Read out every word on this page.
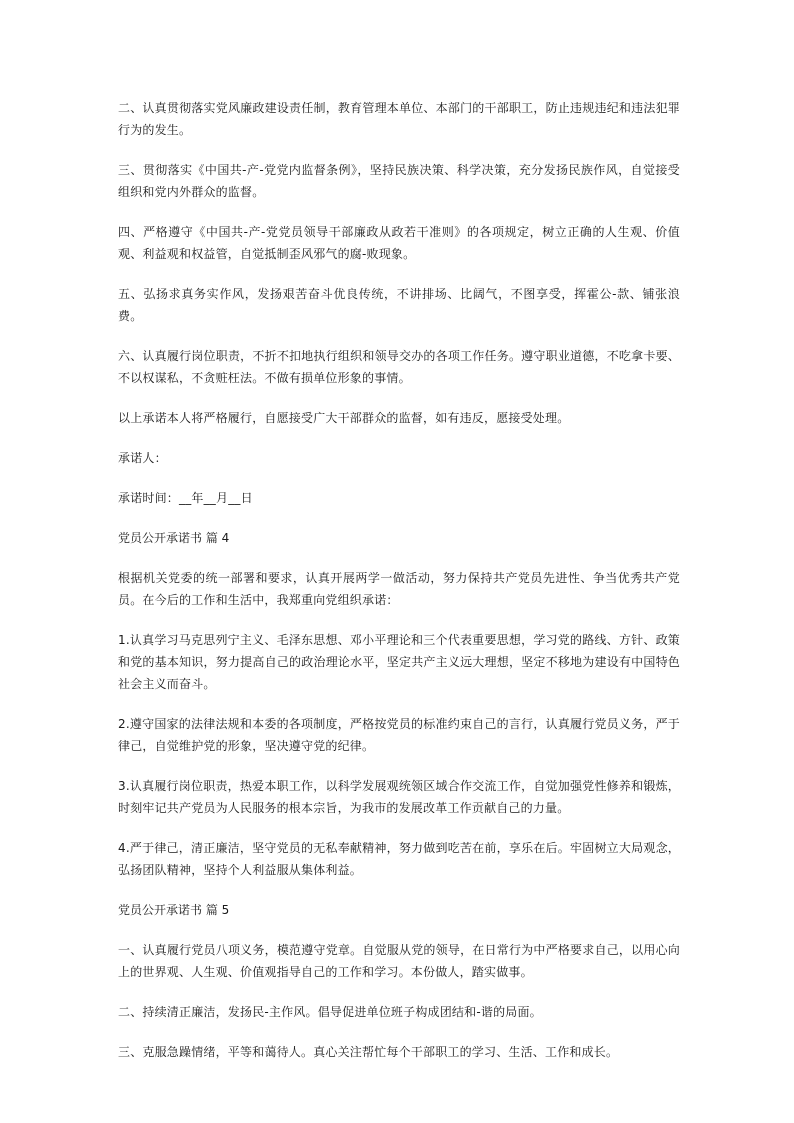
二、认真贯彻落实党风廉政建设责任制，教育管理本单位、本部门的干部职工，防止违规违纪和违法犯罪行为的发生。

三、贯彻落实《中国共-产-党党内监督条例》，坚持民族决策、科学决策，充分发扬民族作风，自觉接受组织和党内外群众的监督。

四、严格遵守《中国共-产-党党员领导干部廉政从政若干准则》的各项规定，树立正确的人生观、价值观、利益观和权益管，自觉抵制歪风邪气的腐-败现象。

五、弘扬求真务实作风，发扬艰苦奋斗优良传统，不讲排场、比阔气，不图享受，挥霍公-款、铺张浪费。

六、认真履行岗位职责，不折不扣地执行组织和领导交办的各项工作任务。遵守职业道德，不吃拿卡要、不以权谋私，不贪赃枉法。不做有损单位形象的事情。

以上承诺本人将严格履行，自愿接受广大干部群众的监督，如有违反，愿接受处理。

承诺人：

承诺时间：__年__月__日

党员公开承诺书 篇 4

根据机关党委的统一部署和要求，认真开展两学一做活动，努力保持共产党员先进性、争当优秀共产党员。在今后的工作和生活中，我郑重向党组织承诺：

1.认真学习马克思列宁主义、毛泽东思想、邓小平理论和三个代表重要思想，学习党的路线、方针、政策和党的基本知识，努力提高自己的政治理论水平，坚定共产主义远大理想，坚定不移地为建设有中国特色社会主义而奋斗。

2.遵守国家的法律法规和本委的各项制度，严格按党员的标准约束自己的言行，认真履行党员义务，严于律己，自觉维护党的形象，坚决遵守党的纪律。

3.认真履行岗位职责，热爱本职工作，以科学发展观统领区域合作交流工作，自觉加强党性修养和锻炼，时刻牢记共产党员为人民服务的根本宗旨，为我市的发展改革工作贡献自己的力量。

4.严于律己，清正廉洁，坚守党员的无私奉献精神，努力做到吃苦在前，享乐在后。牢固树立大局观念，弘扬团队精神，坚持个人利益服从集体利益。

党员公开承诺书 篇 5

一、认真履行党员八项义务，模范遵守党章。自觉服从党的领导，在日常行为中严格要求自己，以用心向上的世界观、人生观、价值观指导自己的工作和学习。本份做人，踏实做事。

二、持续清正廉洁，发扬民-主作风。倡导促进单位班子构成团结和-谐的局面。

三、克服急躁情绪，平等和蔼待人。真心关注帮忙每个干部职工的学习、生活、工作和成长。
